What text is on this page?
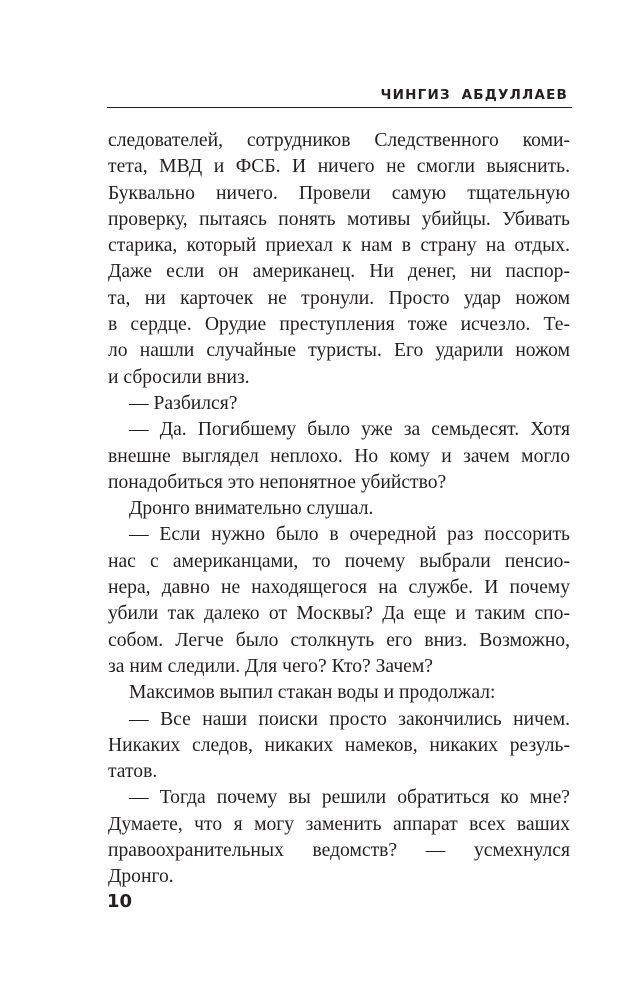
ЧИНГИЗ АБДУЛЛАЕВ
следователей, сотрудников Следственного коми-
тета, МВД и ФСБ. И ничего не смогли выяснить.
Буквально ничего. Провели самую тщательную
проверку, пытаясь понять мотивы убийцы. Убивать
старика, который приехал к нам в страну на отдых.
Даже если он американец. Ни денег, ни паспор-
та, ни карточек не тронули. Просто удар ножом
в сердце. Орудие преступления тоже исчезло. Те-
ло нашли случайные туристы. Его ударили ножом
и сбросили вниз.
— Разбился?
— Да. Погибшему было уже за семьдесят. Хотя
внешне выглядел неплохо. Но кому и зачем могло
понадобиться это непонятное убийство?
Дронго внимательно слушал.
— Если нужно было в очередной раз поссорить
нас с американцами, то почему выбрали пенсио-
нера, давно не находящегося на службе. И почему
убили так далеко от Москвы? Да еще и таким спо-
собом. Легче было столкнуть его вниз. Возможно,
за ним следили. Для чего? Кто? Зачем?
Максимов выпил стакан воды и продолжал:
— Все наши поиски просто закончились ничем.
Никаких следов, никаких намеков, никаких резуль-
татов.
— Тогда почему вы решили обратиться ко мне?
Думаете, что я могу заменить аппарат всех ваших
правоохранительных ведомств? — усмехнулся
Дронго.
10
